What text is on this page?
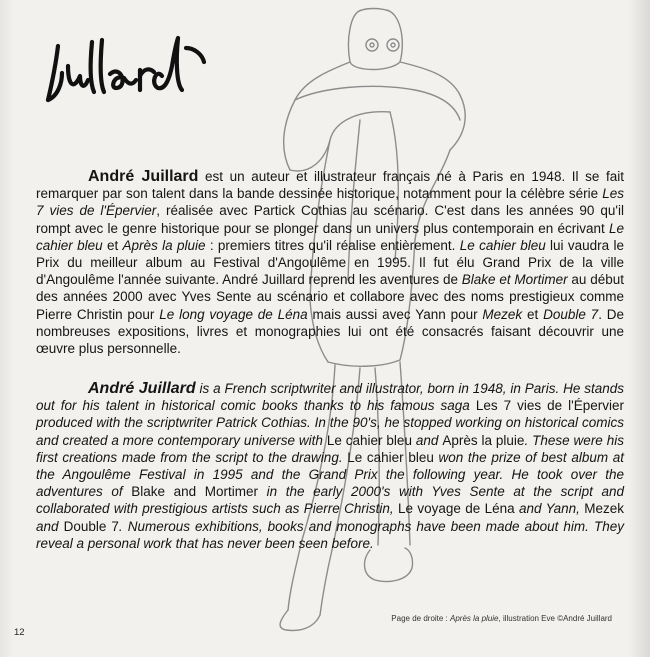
André Juillard est un auteur et illustrateur français né à Paris en 1948. Il se fait remarquer par son talent dans la bande dessinée historique, notamment pour la célèbre série Les 7 vies de l'Épervier, réalisée avec Partick Cothias au scénario. C'est dans les années 90 qu'il rompt avec le genre historique pour se plonger dans un univers plus contemporain en écrivant Le cahier bleu et Après la pluie : premiers titres qu'il réalise entièrement. Le cahier bleu lui vaudra le Prix du meilleur album au Festival d'Angoulême en 1995. Il fut élu Grand Prix de la ville d'Angoulême l'année suivante. André Juillard reprend les aventures de Blake et Mortimer au début des années 2000 avec Yves Sente au scénario et collabore avec des noms prestigieux comme Pierre Christin pour Le long voyage de Léna mais aussi avec Yann pour Mezek et Double 7. De nombreuses expositions, livres et monographies lui ont été consacrés faisant découvrir une œuvre plus personnelle.

André Juillard is a French scriptwriter and illustrator, born in 1948, in Paris. He stands out for his talent in historical comic books thanks to his famous saga Les 7 vies de l'Épervier produced with the scriptwriter Patrick Cothias. In the 90's, he stopped working on historical comics and created a more contemporary universe with Le cahier bleu and Après la pluie. These were his first creations made from the script to the drawing. Le cahier bleu won the prize of best album at the Angoulême Festival in 1995 and the Grand Prix the following year. He took over the adventures of Blake and Mortimer in the early 2000's with Yves Sente at the script and collaborated with prestigious artists such as Pierre Christin, Le voyage de Léna and Yann, Mezek and Double 7. Numerous exhibitions, books and monographs have been made about him. They reveal a personal work that has never been seen before.

Page de droite : Après la pluie, illustration Eve ©André Juillard
12
